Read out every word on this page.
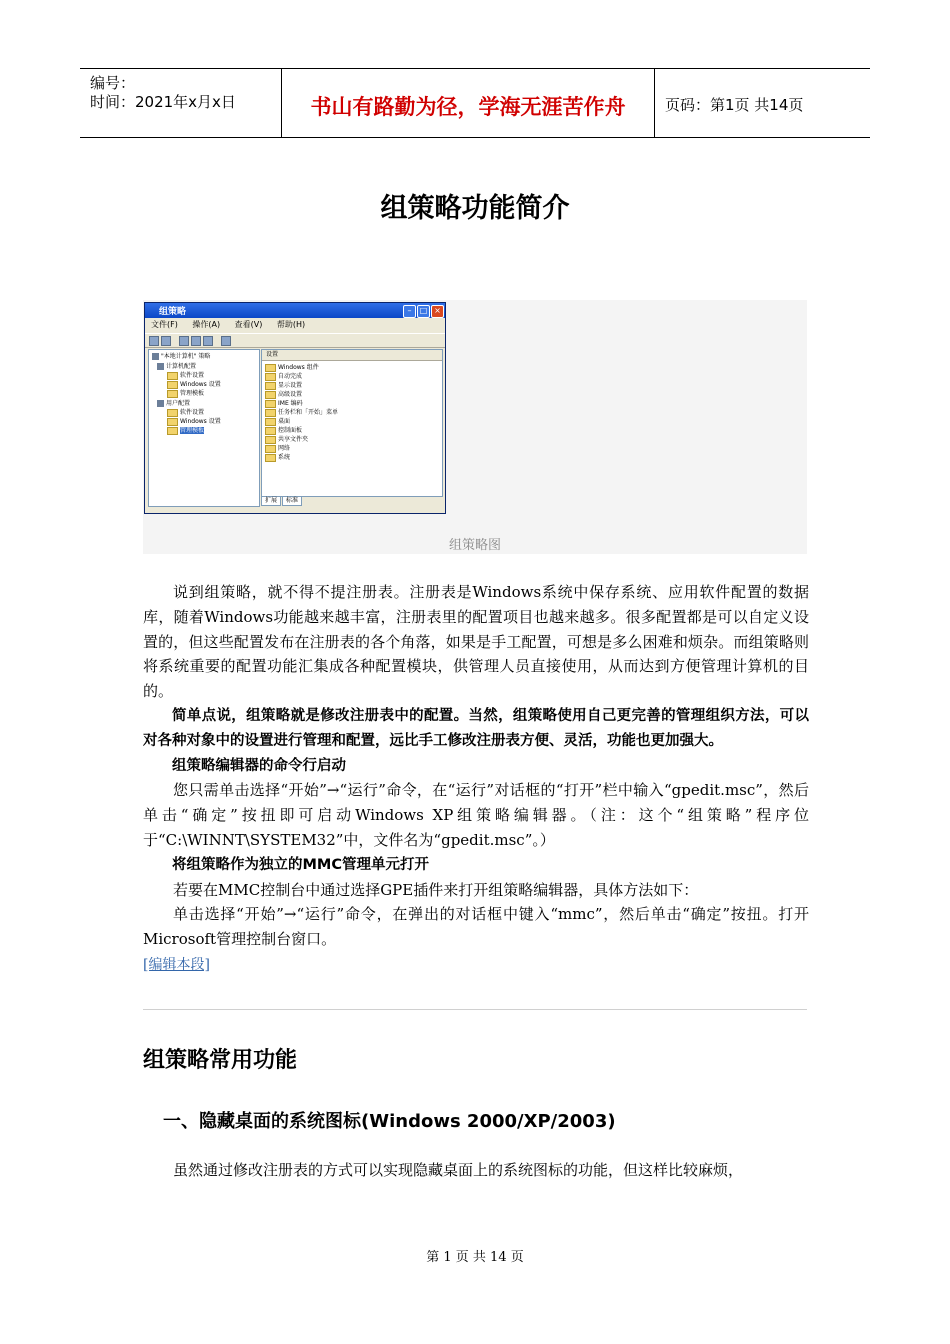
编号：
时间：2021年x月x日	书山有路勤为径，学海无涯苦作舟	页码：第1页 共14页
组策略功能简介
组策略	–	□ ×
文件(F) 操作(A) 查看(V) 帮助(H)
"本地计算机" 策略
计算机配置
软件设置
Windows 设置
管理模板
用户配置
软件设置
Windows 设置
管理模板
设置
Windows 组件
自动完成
显示设置
高级设置
IME 编码
任务栏和「开始」菜单
桌面
控制面板
共享文件夹
网络
系统
扩展 标准
组策略图

说到组策略，就不得不提注册表。注册表是Windows系统中保存系统、应用软件配置的数据库，随着Windows功能越来越丰富，注册表里的配置项目也越来越多。很多配置都是可以自定义设置的，但这些配置发布在注册表的各个角落，如果是手工配置，可想是多么困难和烦杂。而组策略则将系统重要的配置功能汇集成各种配置模块，供管理人员直接使用，从而达到方便管理计算机的目的。

简单点说，组策略就是修改注册表中的配置。当然，组策略使用自己更完善的管理组织方法，可以对各种对象中的设置进行管理和配置，远比手工修改注册表方便、灵活，功能也更加强大。

组策略编辑器的命令行启动

您只需单击选择“开始”→“运行”命令，在“运行”对话框的“打开”栏中输入“gpedit.msc”，然后单击“确定”按扭即可启动Windows XP组策略编辑器。（注：这个“组策略”程序位于“C:\WINNT\SYSTEM32”中，文件名为“gpedit.msc”。）

将组策略作为独立的MMC管理单元打开

若要在MMC控制台中通过选择GPE插件来打开组策略编辑器，具体方法如下：

单击选择“开始”→“运行”命令，在弹出的对话框中键入“mmc”，然后单击“确定”按扭。打开Microsoft管理控制台窗口。

[编辑本段]

组策略常用功能
一、隐藏桌面的系统图标(Windows 2000/XP/2003)
虽然通过修改注册表的方式可以实现隐藏桌面上的系统图标的功能，但这样比较麻烦，
第 1 页 共 14 页
